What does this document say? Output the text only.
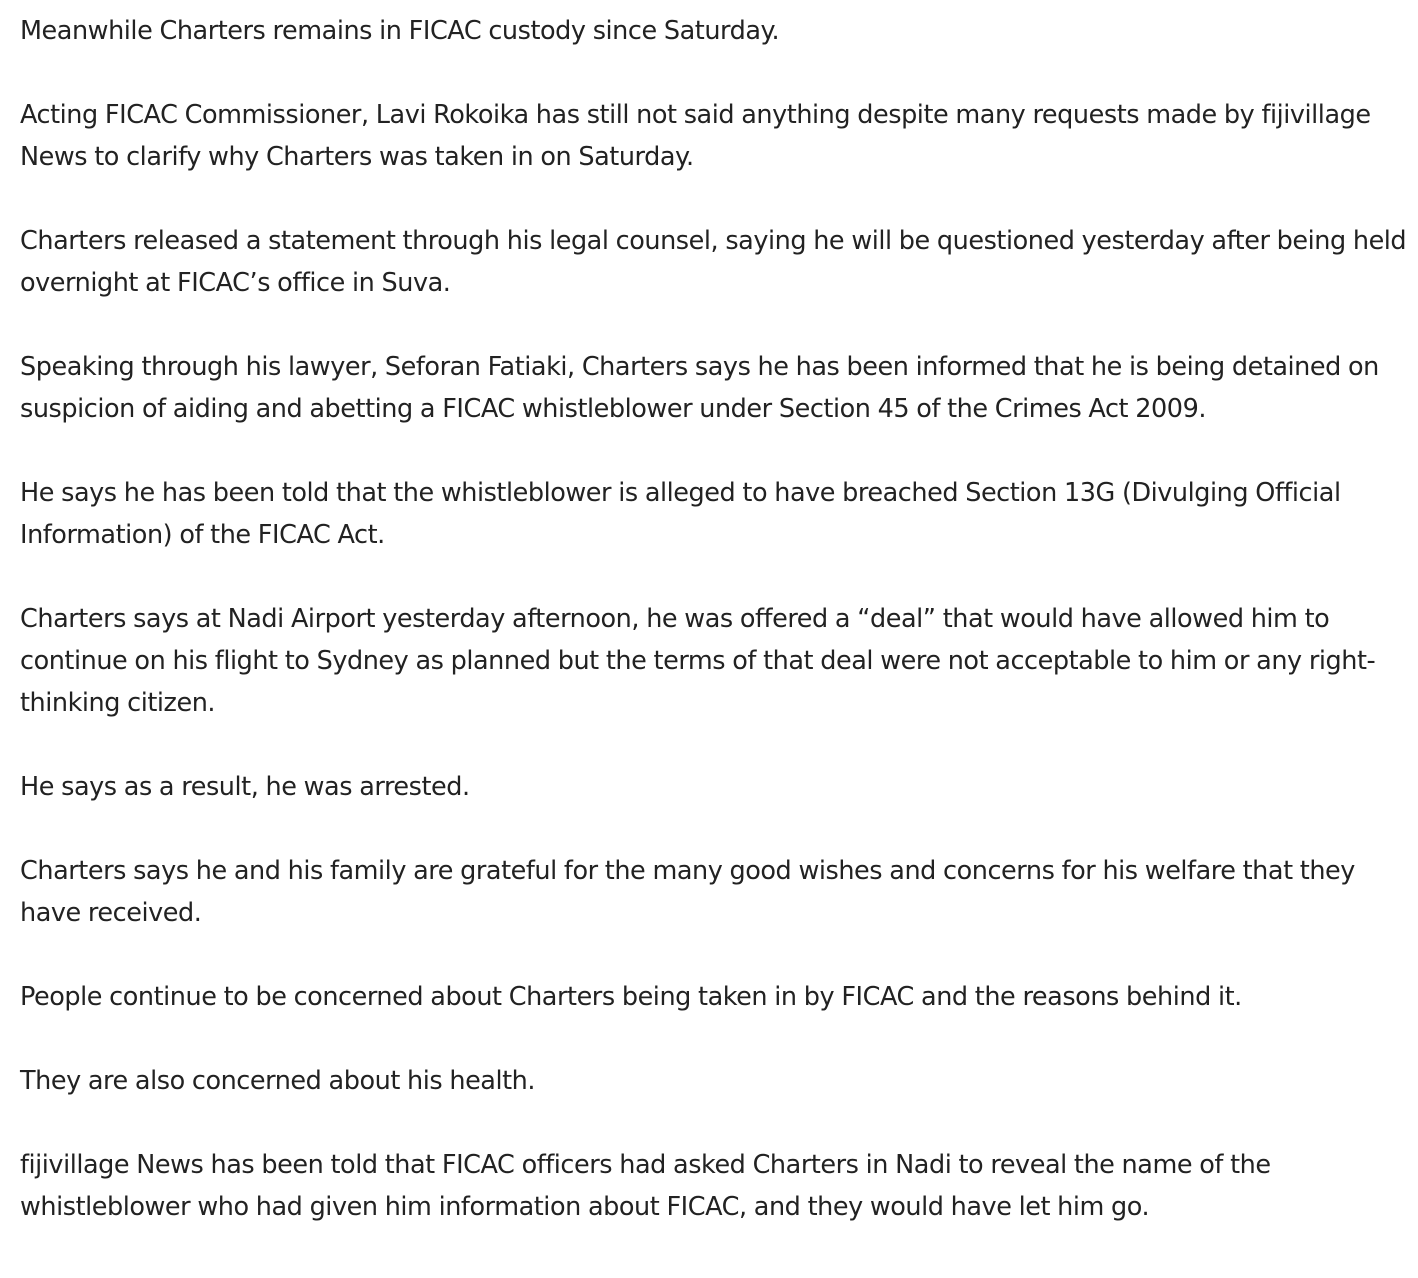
Meanwhile Charters remains in FICAC custody since Saturday.

Acting FICAC Commissioner, Lavi Rokoika has still not said anything despite many requests made by fijivillage News to clarify why Charters was taken in on Saturday.

Charters released a statement through his legal counsel, saying he will be questioned yesterday after being held overnight at FICAC’s office in Suva.

Speaking through his lawyer, Seforan Fatiaki, Charters says he has been informed that he is being detained on suspicion of aiding and abetting a FICAC whistleblower under Section 45 of the Crimes Act 2009.

He says he has been told that the whistleblower is alleged to have breached Section 13G (Divulging Official Information) of the FICAC Act.

Charters says at Nadi Airport yesterday afternoon, he was offered a “deal” that would have allowed him to continue on his flight to Sydney as planned but the terms of that deal were not acceptable to him or any right-thinking citizen.

He says as a result, he was arrested.

Charters says he and his family are grateful for the many good wishes and concerns for his welfare that they have received.

People continue to be concerned about Charters being taken in by FICAC and the reasons behind it.

They are also concerned about his health.

fijivillage News has been told that FICAC officers had asked Charters in Nadi to reveal the name of the whistleblower who had given him information about FICAC, and they would have let him go.
